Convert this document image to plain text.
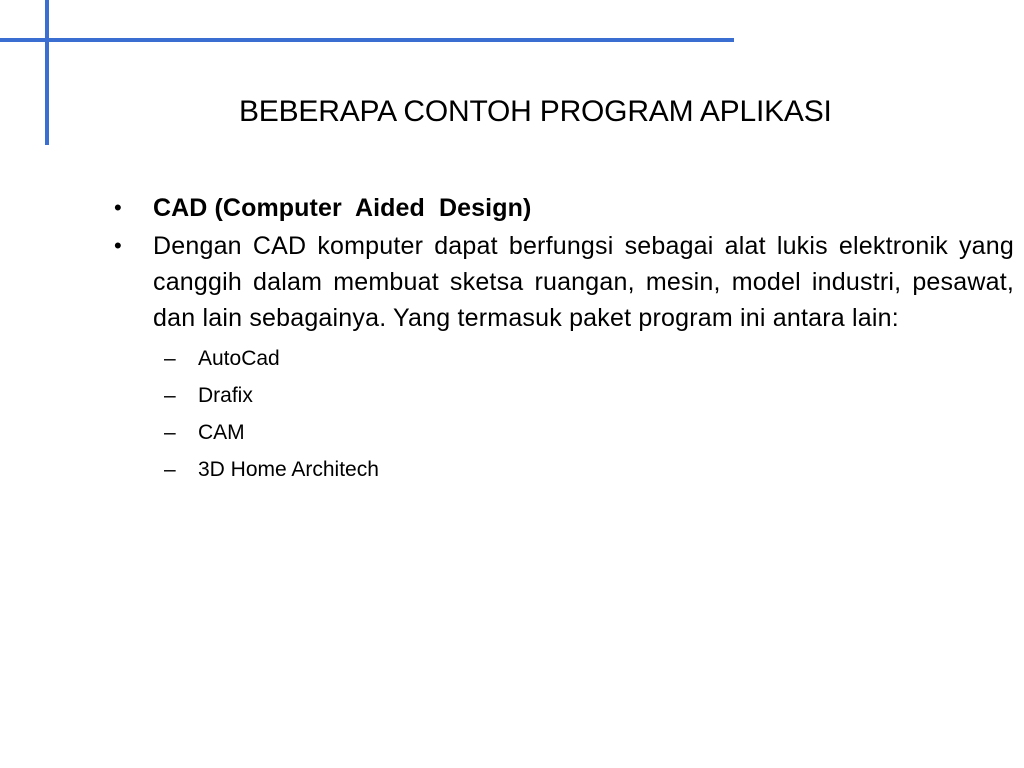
BEBERAPA CONTOH PROGRAM APLIKASI
• CAD (Computer  Aided  Design)
• Dengan CAD komputer dapat berfungsi sebagai alat lukis elektronik yang canggih dalam membuat sketsa ruangan, mesin, model industri, pesawat, dan lain sebagainya. Yang termasuk paket program ini antara lain:
– AutoCad
– Drafix
– CAM
– 3D Home Architech
